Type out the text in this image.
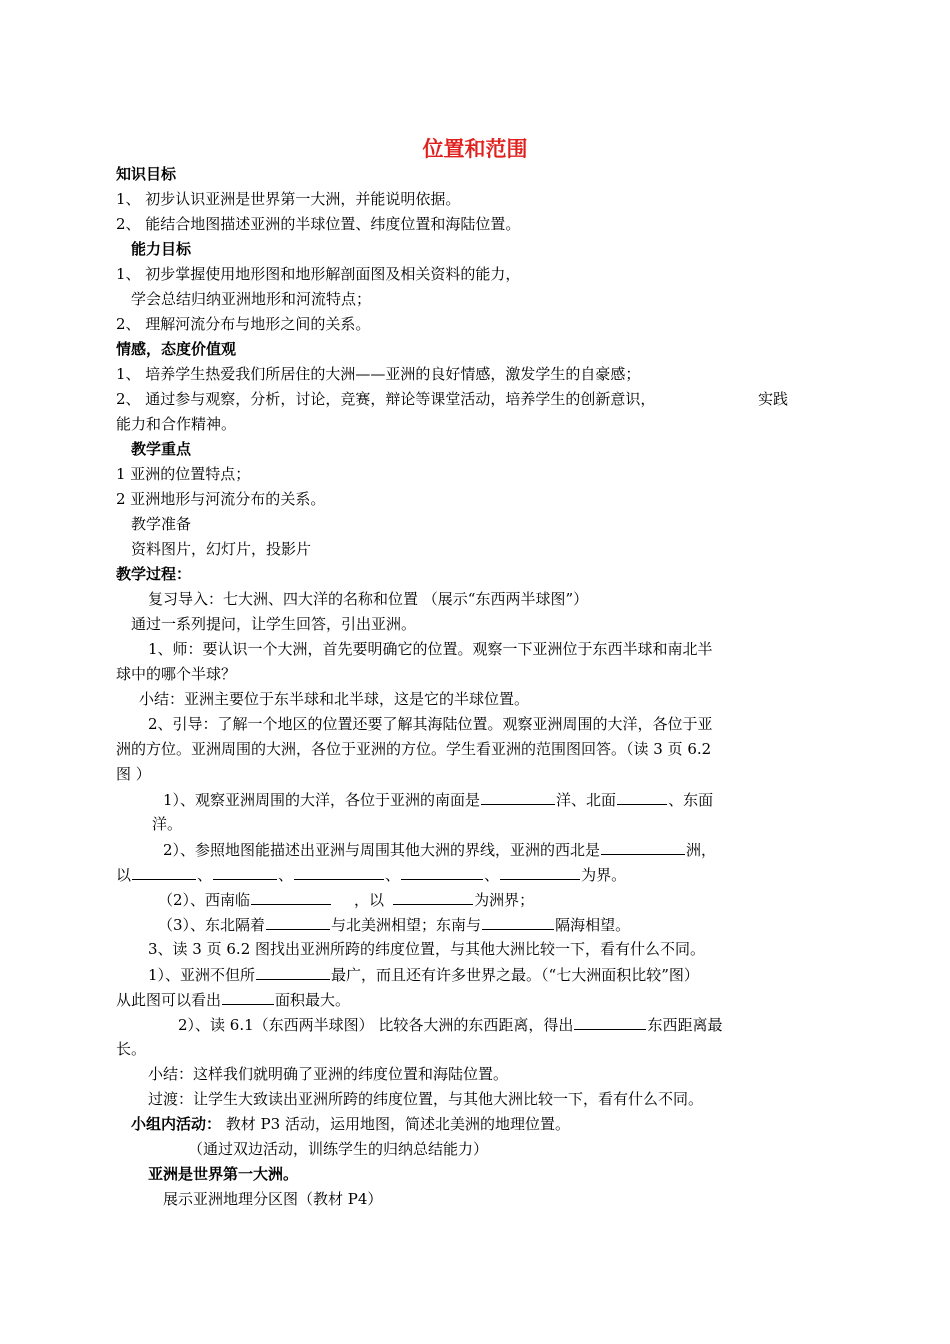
位置和范围
知识目标
1、 初步认识亚洲是世界第一大洲，并能说明依据。
2、 能结合地图描述亚洲的半球位置、纬度位置和海陆位置。
能力目标
1、 初步掌握使用地形图和地形解剖面图及相关资料的能力，
学会总结归纳亚洲地形和河流特点；
2、 理解河流分布与地形之间的关系。
情感，态度价值观
1、 培养学生热爱我们所居住的大洲——亚洲的良好情感，激发学生的自豪感；
2、 通过参与观察，分析，讨论，竞赛，辩论等课堂活动，培养学生的创新意识，	实践
能力和合作精神。
教学重点
1 亚洲的位置特点；
2 亚洲地形与河流分布的关系。
教学准备
资料图片，幻灯片，投影片
教学过程：
复习导入：七大洲、四大洋的名称和位置 （展示“东西两半球图”）
通过一系列提问，让学生回答，引出亚洲。
1、师：要认识一个大洲，首先要明确它的位置。观察一下亚洲位于东西半球和南北半
球中的哪个半球？
小结：亚洲主要位于东半球和北半球，这是它的半球位置。
2、引导：了解一个地区的位置还要了解其海陆位置。观察亚洲周围的大洋，各位于亚
洲的方位。亚洲周围的大洲，各位于亚洲的方位。学生看亚洲的范围图回答。（读 3 页 6.2
图 ）
1）、观察亚洲周围的大洋，各位于亚洲的南面是	洋、北面	、东面
洋。
2）、参照地图能描述出亚洲与周围其他大洲的界线，亚洲的西北是	洲，
以	、	、	、	、	为界。
（2）、西南临	，以	为洲界；
（3）、东北隔着	与北美洲相望；东南与	隔海相望。
3、读 3 页 6.2 图找出亚洲所跨的纬度位置，与其他大洲比较一下，看有什么不同。
1）、亚洲不但所	最广，而且还有许多世界之最。（“七大洲面积比较”图）
从此图可以看出	面积最大。
2）、读 6.1（东西两半球图） 比较各大洲的东西距离，得出	东西距离最
长。
小结：这样我们就明确了亚洲的纬度位置和海陆位置。
过渡：让学生大致读出亚洲所跨的纬度位置，与其他大洲比较一下，看有什么不同。
小组内活动： 教材 P3 活动，运用地图，简述北美洲的地理位置。
（通过双边活动，训练学生的归纳总结能力）
亚洲是世界第一大洲。
展示亚洲地理分区图（教材 P4）
